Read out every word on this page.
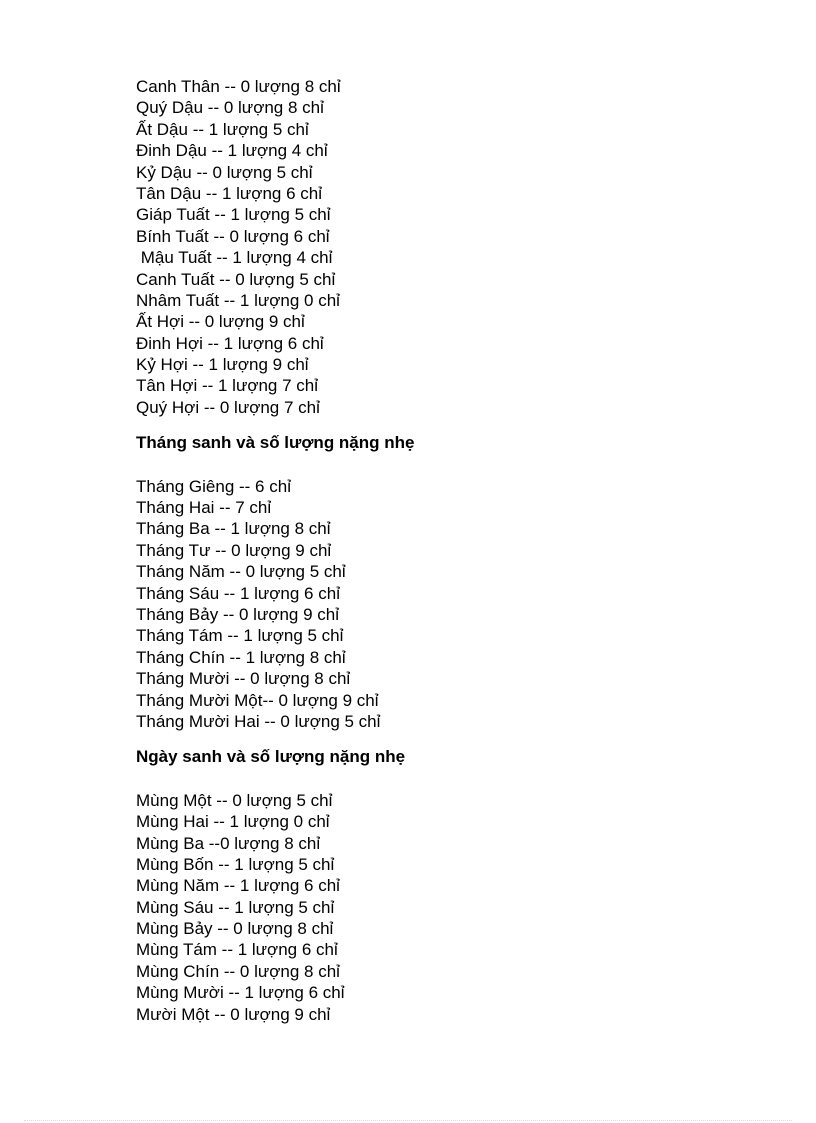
Canh Thân -- 0 lượng 8 chỉ
Quý Dậu -- 0 lượng 8 chỉ
Ất Dậu -- 1 lượng 5 chỉ
Đinh Dậu -- 1 lượng 4 chỉ
Kỷ Dậu -- 0 lượng 5 chỉ
Tân Dậu -- 1 lượng 6 chỉ
Giáp Tuất -- 1 lượng 5 chỉ
Bính Tuất -- 0 lượng 6 chỉ
Mậu Tuất -- 1 lượng 4 chỉ
Canh Tuất -- 0 lượng 5 chỉ
Nhâm Tuất -- 1 lượng 0 chỉ
Ất Hợi -- 0 lượng 9 chỉ
Đinh Hợi -- 1 lượng 6 chỉ
Kỷ Hợi -- 1 lượng 9 chỉ
Tân Hợi -- 1 lượng 7 chỉ
Quý Hợi -- 0 lượng 7 chỉ
Tháng sanh và số lượng nặng nhẹ
Tháng Giêng -- 6 chỉ
Tháng Hai -- 7 chỉ
Tháng Ba -- 1 lượng 8 chỉ
Tháng Tư -- 0 lượng 9 chỉ
Tháng Năm -- 0 lượng 5 chỉ
Tháng Sáu -- 1 lượng 6 chỉ
Tháng Bảy -- 0 lượng 9 chỉ
Tháng Tám -- 1 lượng 5 chỉ
Tháng Chín -- 1 lượng 8 chỉ
Tháng Mười -- 0 lượng 8 chỉ
Tháng Mười Một-- 0 lượng 9 chỉ
Tháng Mười Hai -- 0 lượng 5 chỉ
Ngày sanh và số lượng nặng nhẹ
Mùng Một -- 0 lượng 5 chỉ
Mùng Hai -- 1 lượng 0 chỉ
Mùng Ba --0 lượng 8 chỉ
Mùng Bốn -- 1 lượng 5 chỉ
Mùng Năm -- 1 lượng 6 chỉ
Mùng Sáu -- 1 lượng 5 chỉ
Mùng Bảy -- 0 lượng 8 chỉ
Mùng Tám -- 1 lượng 6 chỉ
Mùng Chín -- 0 lượng 8 chỉ
Mùng Mười -- 1 lượng 6 chỉ
Mười Một -- 0 lượng 9 chỉ
